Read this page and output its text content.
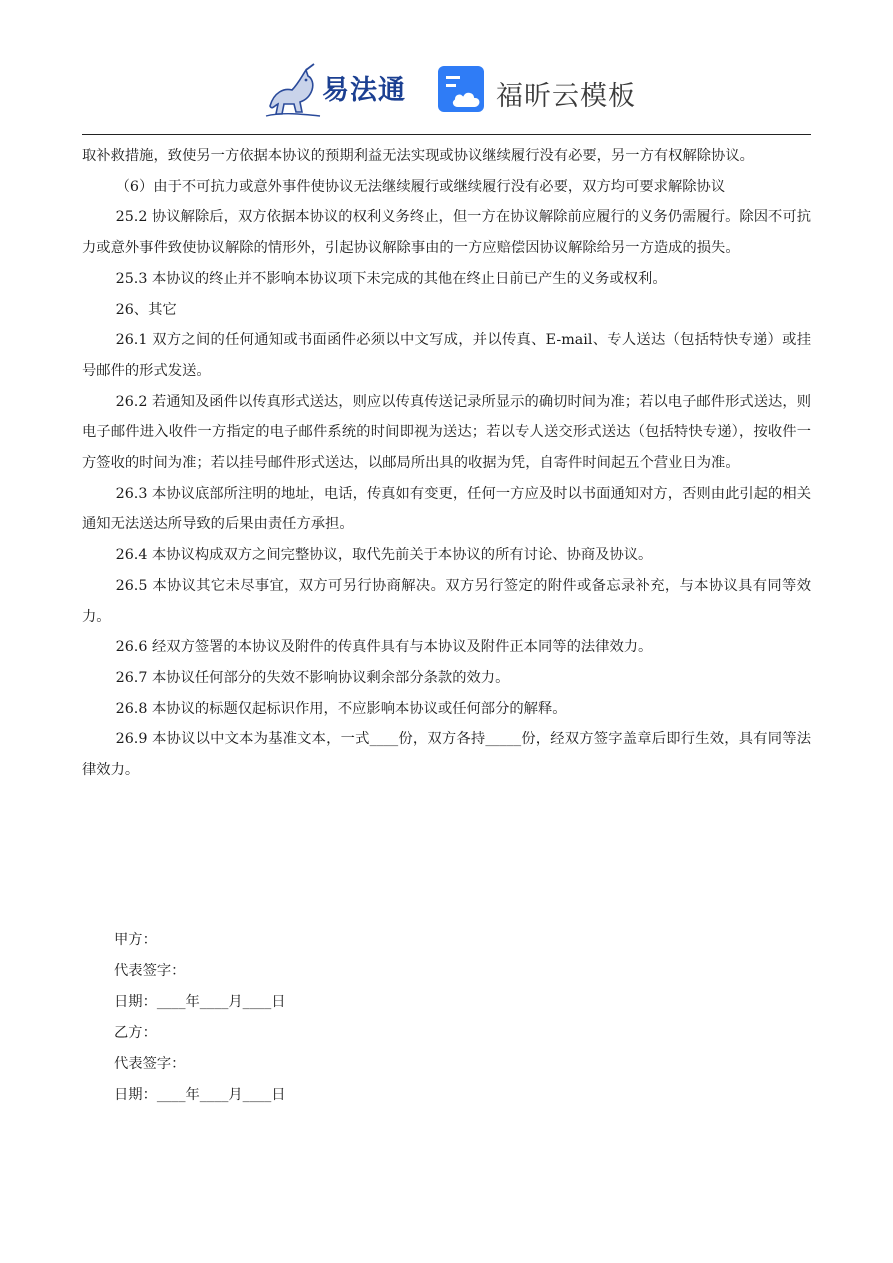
易法通	福昕云模板

取补救措施，致使另一方依据本协议的预期利益无法实现或协议继续履行没有必要，另一方有权解除协议。

（6）由于不可抗力或意外事件使协议无法继续履行或继续履行没有必要，双方均可要求解除协议

25.2 协议解除后，双方依据本协议的权利义务终止，但一方在协议解除前应履行的义务仍需履行。除因不可抗力或意外事件致使协议解除的情形外，引起协议解除事由的一方应赔偿因协议解除给另一方造成的损失。

25.3 本协议的终止并不影响本协议项下未完成的其他在终止日前已产生的义务或权利。

26、其它

26.1 双方之间的任何通知或书面函件必须以中文写成，并以传真、E-mail、专人送达（包括特快专递）或挂号邮件的形式发送。

26.2 若通知及函件以传真形式送达，则应以传真传送记录所显示的确切时间为准；若以电子邮件形式送达，则电子邮件进入收件一方指定的电子邮件系统的时间即视为送达；若以专人送交形式送达（包括特快专递），按收件一方签收的时间为准；若以挂号邮件形式送达，以邮局所出具的收据为凭，自寄件时间起五个营业日为准。

26.3 本协议底部所注明的地址，电话，传真如有变更，任何一方应及时以书面通知对方，否则由此引起的相关通知无法送达所导致的后果由责任方承担。

26.4 本协议构成双方之间完整协议，取代先前关于本协议的所有讨论、协商及协议。

26.5 本协议其它未尽事宜，双方可另行协商解决。双方另行签定的附件或备忘录补充，与本协议具有同等效力。

26.6 经双方签署的本协议及附件的传真件具有与本协议及附件正本同等的法律效力。

26.7 本协议任何部分的失效不影响协议剩余部分条款的效力。

26.8 本协议的标题仅起标识作用，不应影响本协议或任何部分的解释。

26.9 本协议以中文本为基准文本，一式____份，双方各持_____份，经双方签字盖章后即行生效，具有同等法律效力。

甲方：
代表签字：
日期：____年____月____日
乙方：
代表签字：
日期：____年____月____日
